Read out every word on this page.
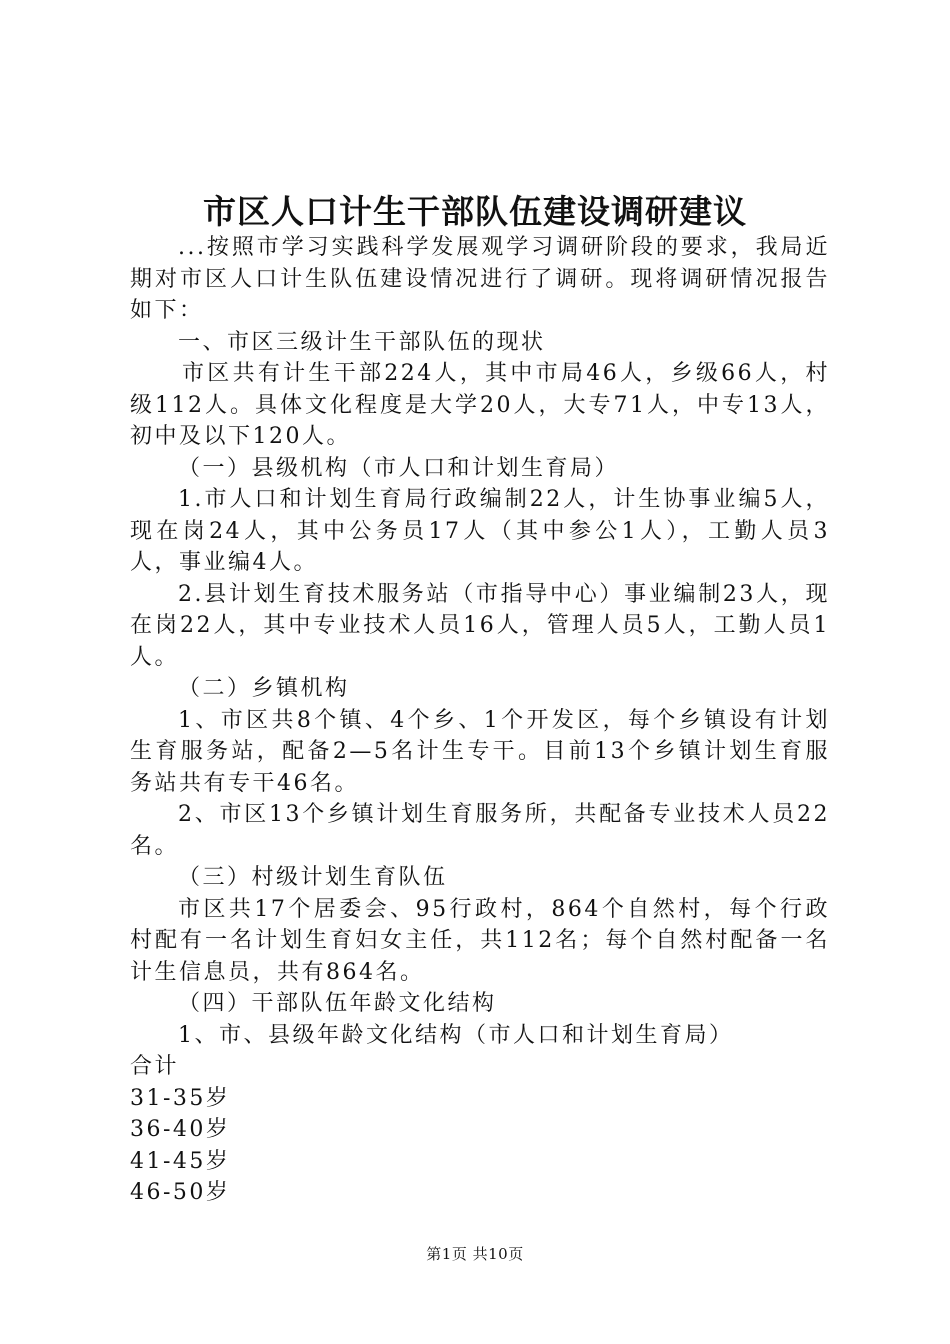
市区人口计生干部队伍建设调研建议

...按照市学习实践科学发展观学习调研阶段的要求，我局近期对市区人口计生队伍建设情况进行了调研。现将调研情况报告如下：

一、市区三级计生干部队伍的现状

市区共有计生干部224人，其中市局46人，乡级66人，村级112人。具体文化程度是大学20人，大专71人，中专13人，初中及以下120人。

（一）县级机构（市人口和计划生育局）

1.市人口和计划生育局行政编制22人，计生协事业编5人，现在岗24人，其中公务员17人（其中参公1人），工勤人员3人，事业编4人。

2.县计划生育技术服务站（市指导中心）事业编制23人，现在岗22人，其中专业技术人员16人，管理人员5人，工勤人员1人。

（二）乡镇机构

1、市区共8个镇、4个乡、1个开发区，每个乡镇设有计划生育服务站，配备2—5名计生专干。目前13个乡镇计划生育服务站共有专干46名。

2、市区13个乡镇计划生育服务所，共配备专业技术人员22名。

（三）村级计划生育队伍

市区共17个居委会、95行政村，864个自然村，每个行政村配有一名计划生育妇女主任，共112名；每个自然村配备一名计生信息员，共有864名。

（四）干部队伍年龄文化结构

1、市、县级年龄文化结构（市人口和计划生育局）

合计

31-35岁

36-40岁

41-45岁

46-50岁

第1页 共10页
